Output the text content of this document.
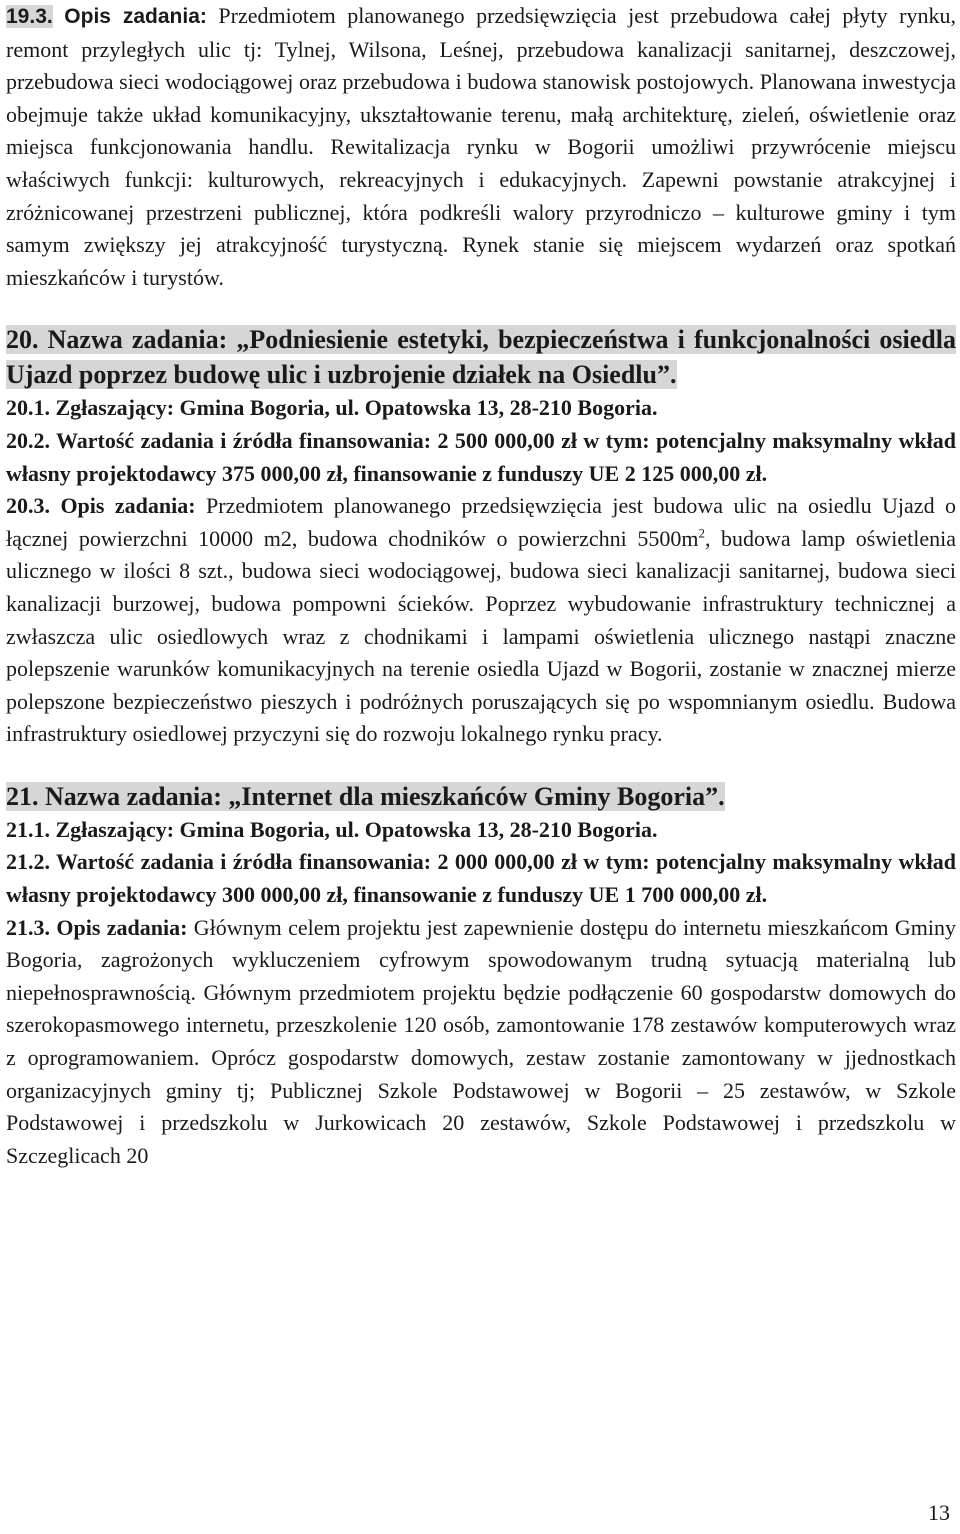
19.3. Opis zadania: Przedmiotem planowanego przedsięwzięcia jest przebudowa całej płyty rynku, remont przyległych ulic tj: Tylnej, Wilsona, Leśnej, przebudowa kanalizacji sanitarnej, deszczowej, przebudowa sieci wodociągowej oraz przebudowa i budowa stanowisk postojowych. Planowana inwestycja obejmuje także układ komunikacyjny, ukształtowanie terenu, małą architekturę, zieleń, oświetlenie oraz miejsca funkcjonowania handlu. Rewitalizacja rynku w Bogorii umożliwi przywrócenie miejscu właściwych funkcji: kulturowych, rekreacyjnych i edukacyjnych. Zapewni powstanie atrakcyjnej i zróżnicowanej przestrzeni publicznej, która podkreśli walory przyrodniczo – kulturowe gminy i tym samym zwiększy jej atrakcyjność turystyczną. Rynek stanie się miejscem wydarzeń oraz spotkań mieszkańców i turystów.

20. Nazwa zadania: „Podniesienie estetyki, bezpieczeństwa i funkcjonalności osiedla Ujazd poprzez budowę ulic i uzbrojenie działek na Osiedlu”.

20.1. Zgłaszający: Gmina Bogoria, ul. Opatowska 13, 28-210 Bogoria.

20.2. Wartość zadania i źródła finansowania: 2 500 000,00 zł w tym: potencjalny maksymalny wkład własny projektodawcy 375 000,00 zł, finansowanie z funduszy UE 2 125 000,00 zł.

20.3. Opis zadania: Przedmiotem planowanego przedsięwzięcia jest budowa ulic na osiedlu Ujazd o łącznej powierzchni 10000 m2, budowa chodników o powierzchni $5500m^2$, budowa lamp oświetlenia ulicznego w ilości 8 szt., budowa sieci wodociągowej, budowa sieci kanalizacji sanitarnej, budowa sieci kanalizacji burzowej, budowa pompowni ścieków. Poprzez wybudowanie infrastruktury technicznej a zwłaszcza ulic osiedlowych wraz z chodnikami i lampami oświetlenia ulicznego nastąpi znaczne polepszenie warunków komunikacyjnych na terenie osiedla Ujazd w Bogorii, zostanie w znacznej mierze polepszone bezpieczeństwo pieszych i podróżnych poruszających się po wspomnianym osiedlu. Budowa infrastruktury osiedlowej przyczyni się do rozwoju lokalnego rynku pracy.

21. Nazwa zadania: „Internet dla mieszkańców Gminy Bogoria”.

21.1. Zgłaszający: Gmina Bogoria, ul. Opatowska 13, 28-210 Bogoria.

21.2. Wartość zadania i źródła finansowania: 2 000 000,00 zł w tym: potencjalny maksymalny wkład własny projektodawcy 300 000,00 zł, finansowanie z funduszy UE 1 700 000,00 zł.

21.3. Opis zadania: Głównym celem projektu jest zapewnienie dostępu do internetu mieszkańcom Gminy Bogoria, zagrożonych wykluczeniem cyfrowym spowodowanym trudną sytuacją materialną lub niepełnosprawnością. Głównym przedmiotem projektu będzie podłączenie 60 gospodarstw domowych do szerokopasmowego internetu, przeszkolenie 120 osób, zamontowanie 178 zestawów komputerowych wraz z oprogramowaniem. Oprócz gospodarstw domowych, zestaw zostanie zamontowany w jjednostkach organizacyjnych gminy tj; Publicznej Szkole Podstawowej w Bogorii – 25 zestawów, w Szkole Podstawowej i przedszkolu w Jurkowicach 20 zestawów, Szkole Podstawowej i przedszkolu w Szczeglicach 20

13
